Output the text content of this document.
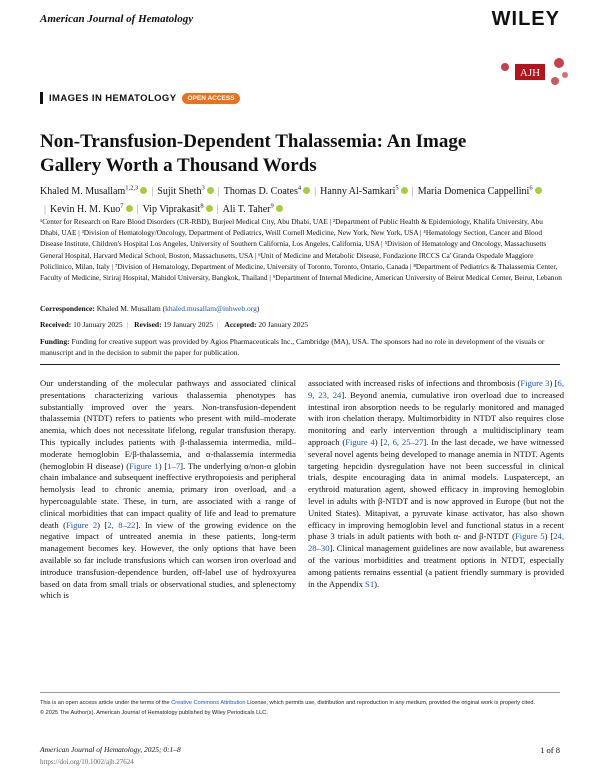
American Journal of Hematology	WILEY
AJH
IMAGES IN HEMATOLOGY	OPEN ACCESS
Non-Transfusion-Dependent Thalassemia: An Image Gallery Worth a Thousand Words
Khaled M. Musallam$^{1,2,3}$ | Sujit Sheth$^3$ | Thomas D. Coates$^4$ | Hanny Al-Samkari$^5$ | Maria Domenica Cappellini$^6$| Kevin H. M. Kuo$^7$ | Vip Viprakasit$^8$ | Ali T. Taher$^9$
¹Center for Research on Rare Blood Disorders (CR-RBD), Burjeel Medical City, Abu Dhabi, UAE | ²Department of Public Health & Epidemiology, Khalifa University, Abu Dhabi, UAE | ³Division of Hematology/Oncology, Department of Pediatrics, Weill Cornell Medicine, New York, New York, USA | ⁴Hematology Section, Cancer and Blood Disease Institute, Children's Hospital Los Angeles, University of Southern California, Los Angeles, California, USA | ⁵Division of Hematology and Oncology, Massachusetts General Hospital, Harvard Medical School, Boston, Massachusetts, USA | ⁶Unit of Medicine and Metabolic Disease, Fondazione IRCCS Ca' Granda Ospedale Maggiore Policlinico, Milan, Italy | ⁷Division of Hematology, Department of Medicine, University of Toronto, Toronto, Ontario, Canada | ⁸Department of Pediatrics & Thalassemia Center, Faculty of Medicine, Siriraj Hospital, Mahidol University, Bangkok, Thailand | ⁹Department of Internal Medicine, American University of Beirut Medical Center, Beirut, Lebanon
Correspondence: Khaled M. Musallam (khaled.musallam@inhweb.org)
Received: 10 January 2025 | Revised: 19 January 2025 | Accepted: 20 January 2025
Funding: Funding for creative support was provided by Agios Pharmaceuticals Inc., Cambridge (MA), USA. The sponsors had no role in development of the visuals or manuscript and in the decision to submit the paper for publication.
Our understanding of the molecular pathways and associated clinical presentations characterizing various thalassemia phenotypes has substantially improved over the years. Non-transfusion-dependent thalassemia (NTDT) refers to patients who present with mild–moderate anemia, which does not necessitate lifelong, regular transfusion therapy. This typically includes patients with β-thalassemia intermedia, mild–moderate hemoglobin E/β-thalassemia, and α-thalassemia intermedia (hemoglobin H disease) (Figure 1) [1–7]. The underlying α/non-α globin chain imbalance and subsequent ineffective erythropoiesis and peripheral hemolysis lead to chronic anemia, primary iron overload, and a hypercoagulable state. These, in turn, are associated with a range of clinical morbidities that can impact quality of life and lead to premature death (Figure 2) [2, 8–22]. In view of the growing evidence on the negative impact of untreated anemia in these patients, long-term management becomes key. However, the only options that have been available so far include transfusions which can worsen iron overload and introduce transfusion-dependence burden, off-label use of hydroxyurea based on data from small trials or observational studies, and splenectomy which is
associated with increased risks of infections and thrombosis (Figure 3) [6, 9, 23, 24]. Beyond anemia, cumulative iron overload due to increased intestinal iron absorption needs to be regularly monitored and managed with iron chelation therapy. Multimorbidity in NTDT also requires close monitoring and early intervention through a multidisciplinary team approach (Figure 4) [2, 6, 25–27]. In the last decade, we have witnessed several novel agents being developed to manage anemia in NTDT. Agents targeting hepcidin dysregulation have not been successful in clinical trials, despite encouraging data in animal models. Luspatercept, an erythroid maturation agent, showed efficacy in improving hemoglobin level in adults with β-NTDT and is now approved in Europe (but not the United States). Mitapivat, a pyruvate kinase activator, has also shown efficacy in improving hemoglobin level and functional status in a recent phase 3 trials in adult patients with both α- and β-NTDT (Figure 5) [24, 28–30]. Clinical management guidelines are now available, but awareness of the various morbidities and treatment options in NTDT, especially among patients remains essential (a patient friendly summary is provided in the Appendix S1).
This is an open access article under the terms of the Creative Commons Attribution License, which permits use, distribution and reproduction in any medium, provided the original work is properly cited.
© 2025 The Author(s). American Journal of Hematology published by Wiley Periodicals LLC.
American Journal of Hematology, 2025; 0:1–8	1 of 8
https://doi.org/10.1002/ajh.27624
